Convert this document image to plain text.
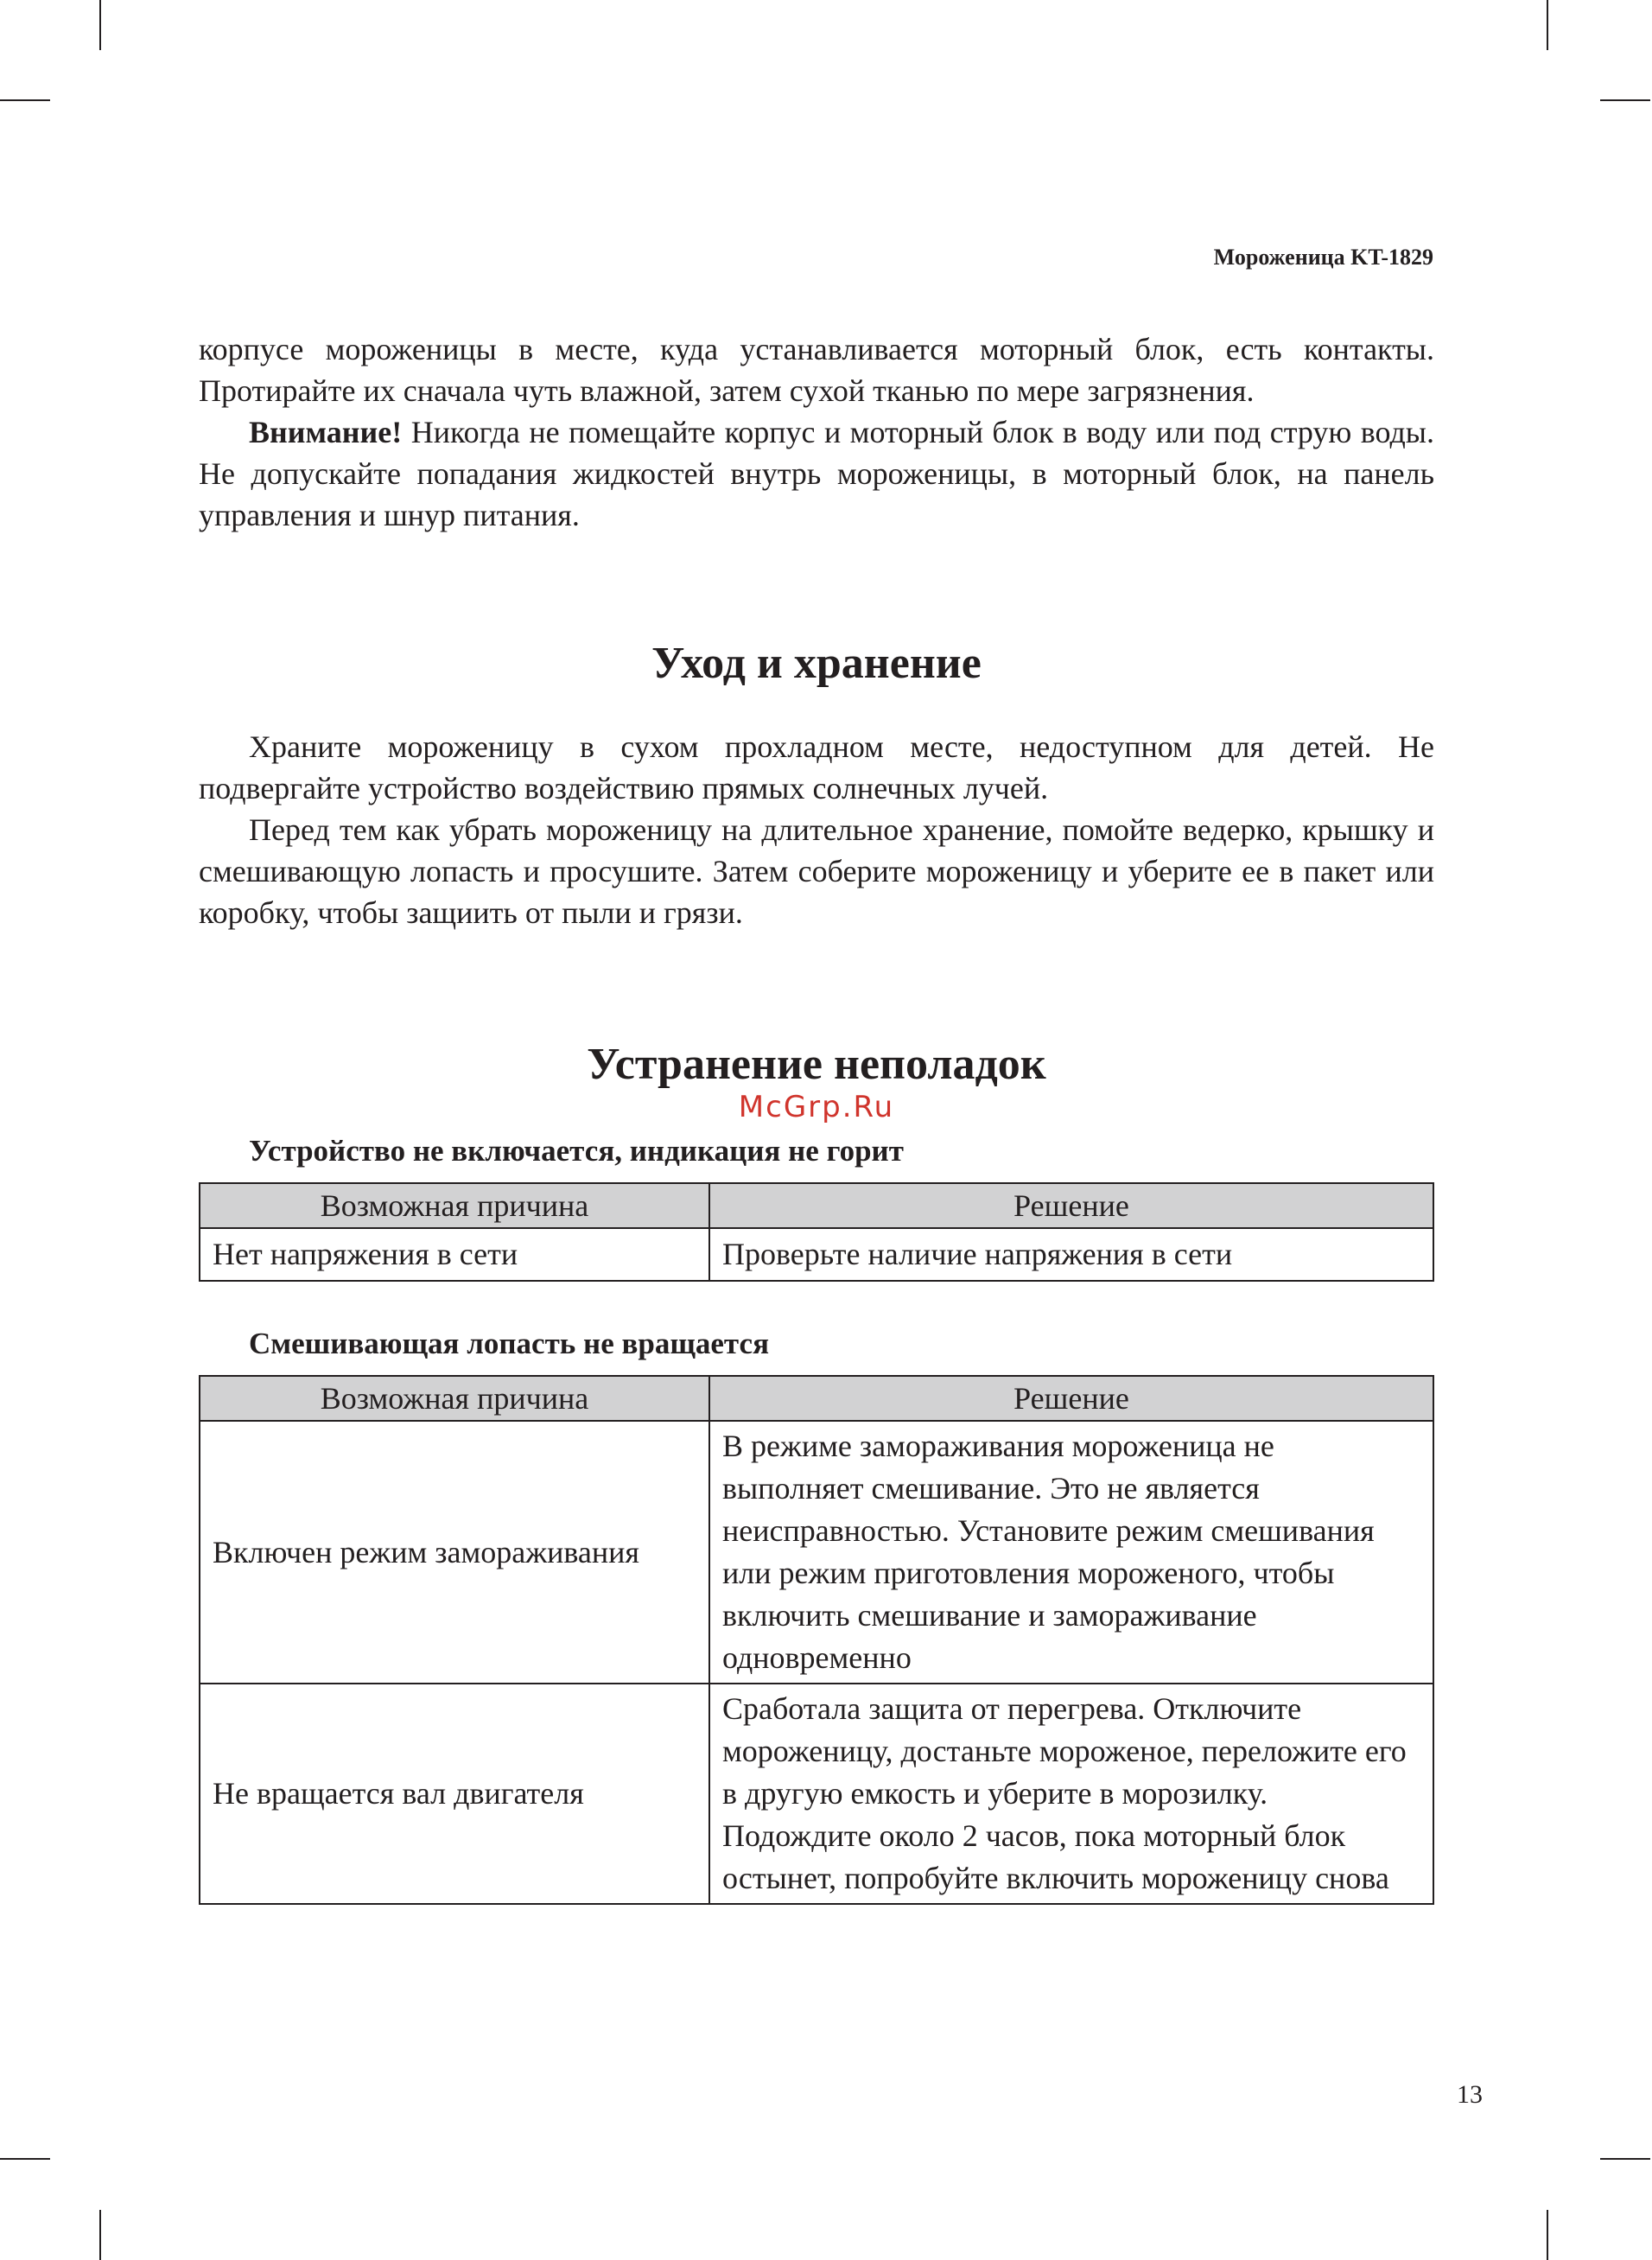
Мороженица KT-1829

корпусе мороженицы в месте, куда устанавливается моторный блок, есть контакты. Протирайте их сначала чуть влажной, затем сухой тканью по мере загрязнения.

Внимание! Никогда не помещайте корпус и моторный блок в воду или под струю воды. Не допускайте попадания жидкостей внутрь мороженицы, в моторный блок, на панель управления и шнур питания.

Уход и хранение

Храните мороженицу в сухом прохладном месте, недоступном для детей. Не подвергайте устройство воздействию прямых солнечных лучей.

Перед тем как убрать мороженицу на длительное хранение, помойте ведерко, крышку и смешивающую лопасть и просушите. Затем соберите мороженицу и уберите ее в пакет или коробку, чтобы защиить от пыли и грязи.

Устранение неполадок
McGrp.Ru
Устройство не включается, индикация не горит
Возможная причина	Решение
Нет напряжения в сети	Проверьте наличие напряжения в сети
Смешивающая лопасть не вращается
Возможная причина	Решение
Включен режим замораживания	В режиме замораживания мороженица не выполняет смешивание. Это не является неисправностью. Установите режим смешивания или режим приготовления мороженого, чтобы включить смешивание и замораживание одновременно
Не вращается вал двигателя	Сработала защита от перегрева. Отключите мороженицу, достаньте мороженое, переложите его в другую емкость и уберите в морозилку. Подождите около 2 часов, пока моторный блок остынет, попробуйте включить мороженицу снова
13
